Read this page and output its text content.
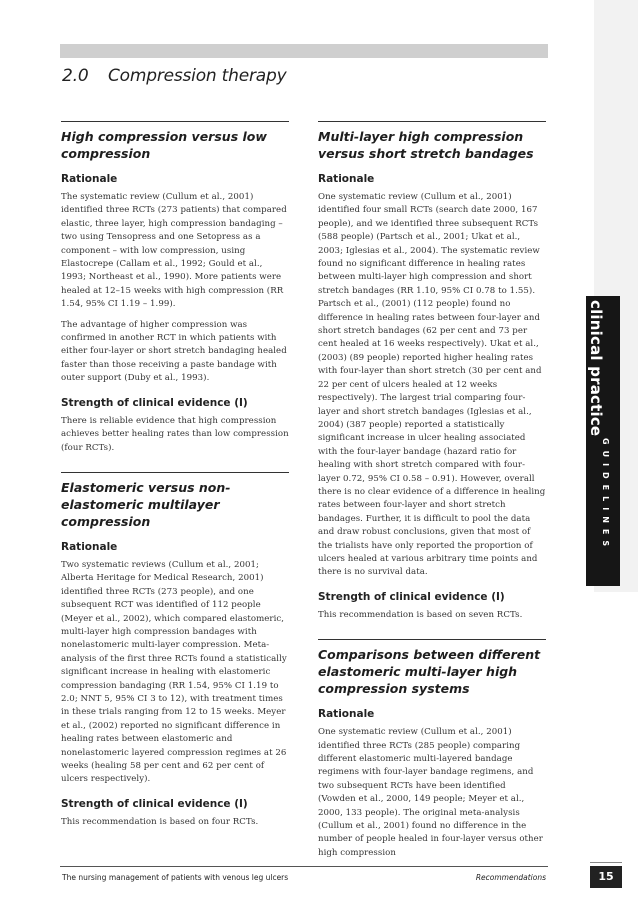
2.0 Compression therapy
High compression versus low compression
Rationale

The systematic review (Cullum et al., 2001) identified three RCTs (273 patients) that compared elastic, three layer, high compression bandaging – two using Tensopress and one Setopress as a component – with low compression, using Elastocrepe (Callam et al., 1992; Gould et al., 1993; Northeast et al., 1990). More patients were healed at 12–15 weeks with high compression (RR 1.54, 95% CI 1.19 – 1.99).

The advantage of higher compression was confirmed in another RCT in which patients with either four-layer or short stretch bandaging healed faster than those receiving a paste bandage with outer support (Duby et al., 1993).

Strength of clinical evidence (I)

There is reliable evidence that high compression achieves better healing rates than low compression (four RCTs).

Elastomeric versus non-elastomeric multilayer compression
Rationale

Two systematic reviews (Cullum et al., 2001; Alberta Heritage for Medical Research, 2001) identified three RCTs (273 people), and one subsequent RCT was identified of 112 people (Meyer et al., 2002), which compared elastomeric, multi-layer high compression bandages with nonelastomeric multi-layer compression. Meta-analysis of the first three RCTs found a statistically significant increase in healing with elastomeric compression bandaging (RR 1.54, 95% CI 1.19 to 2.0; NNT 5, 95% CI 3 to 12), with treatment times in these trials ranging from 12 to 15 weeks. Meyer et al., (2002) reported no significant difference in healing rates between elastomeric and nonelastomeric layered compression regimes at 26 weeks (healing 58 per cent and 62 per cent of ulcers respectively).

Strength of clinical evidence (I)

This recommendation is based on four RCTs.

Multi-layer high compression versus short stretch bandages
Rationale

One systematic review (Cullum et al., 2001) identified four small RCTs (search date 2000, 167 people), and we identified three subsequent RCTs (588 people) (Partsch et al., 2001; Ukat et al., 2003; Iglesias et al., 2004). The systematic review found no significant difference in healing rates between multi-layer high compression and short stretch bandages (RR 1.10, 95% CI 0.78 to 1.55). Partsch et al., (2001) (112 people) found no difference in healing rates between four-layer and short stretch bandages (62 per cent and 73 per cent healed at 16 weeks respectively). Ukat et al., (2003) (89 people) reported higher healing rates with four-layer than short stretch (30 per cent and 22 per cent of ulcers healed at 12 weeks respectively). The largest trial comparing four-layer and short stretch bandages (Iglesias et al., 2004) (387 people) reported a statistically significant increase in ulcer healing associated with the four-layer bandage (hazard ratio for healing with short stretch compared with four-layer 0.72, 95% CI 0.58 – 0.91). However, overall there is no clear evidence of a difference in healing rates between four-layer and short stretch bandages. Further, it is difficult to pool the data and draw robust conclusions, given that most of the trialists have only reported the proportion of ulcers healed at various arbitrary time points and there is no survival data.

Strength of clinical evidence (I)

This recommendation is based on seven RCTs.

Comparisons between different elastomeric multi-layer high compression systems
Rationale

One systematic review (Cullum et al., 2001) identified three RCTs (285 people) comparing different elastomeric multi-layered bandage regimens with four-layer bandage regimens, and two subsequent RCTs have been identified (Vowden et al., 2000, 149 people; Meyer et al., 2000, 133 people). The original meta-analysis (Cullum et al., 2001) found no difference in the number of people healed in four-layer versus other high compression

clinical practice
GUIDELINES
The nursing management of patients with venous leg ulcers	Recommendations	15
